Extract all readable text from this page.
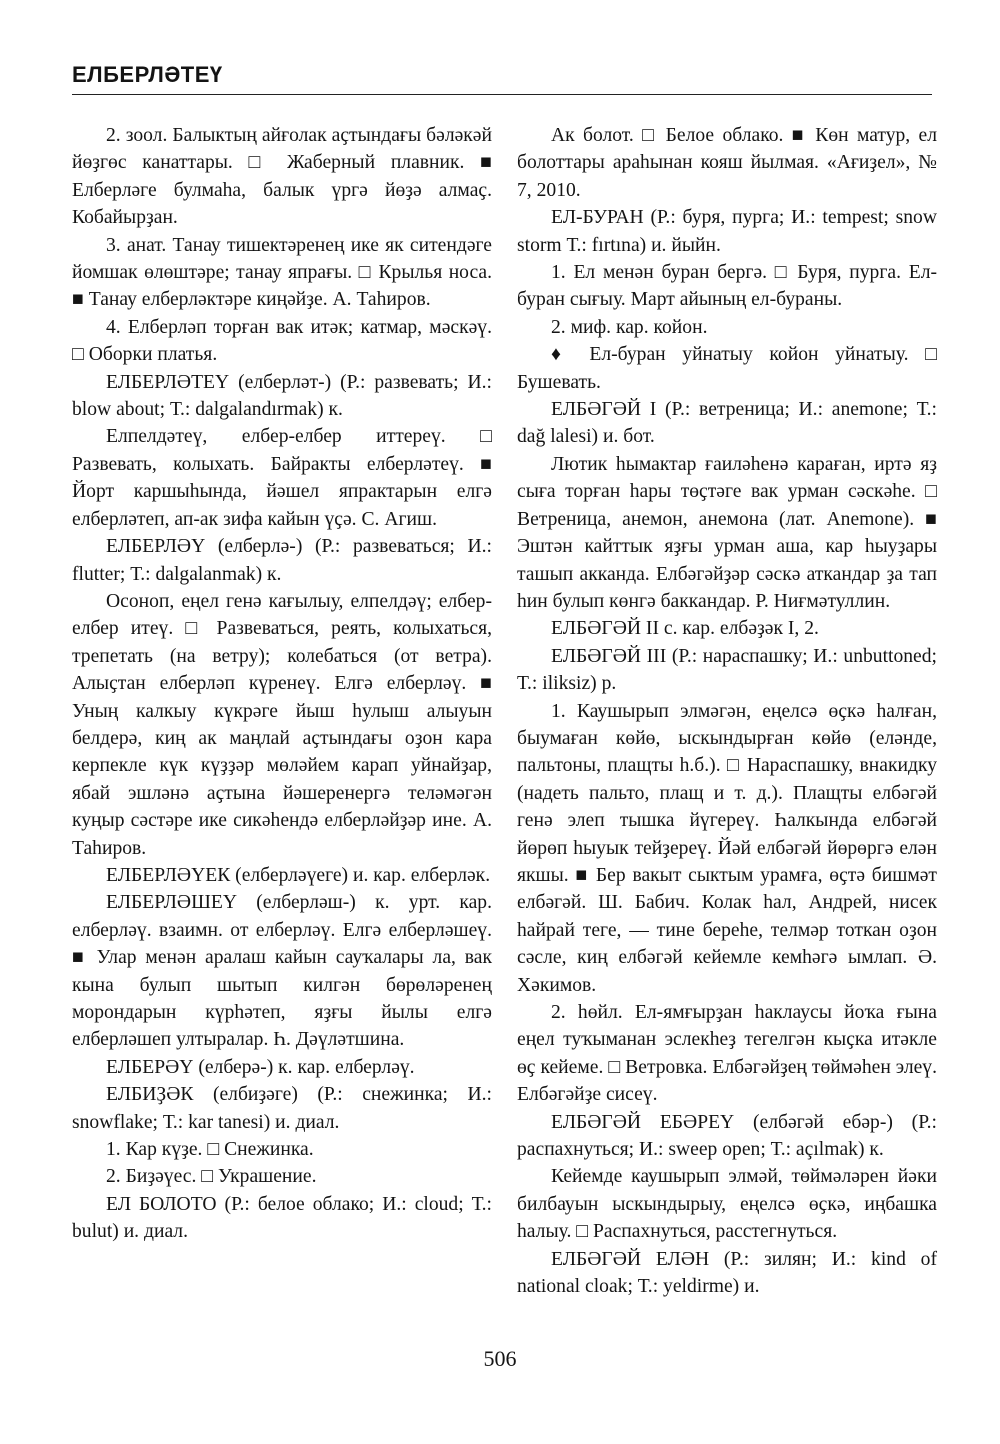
ЕЛБЕРЛƏТЕҮ

2. зоол. Балыктың айғолак аҫтындағы бәләкәй йөҙгөс канаттары. □ Жаберный плавник. ■ Елберләге булмаһа, балык үргә йөҙә алмаҫ. Кобайырҙан.

3. анат. Танау тишектәренең ике як ситендәге йомшак өлөштәре; танау япрағы. □ Крылья носа. ■ Танау елберләктәре киңәйҙе. А. Таһиров.

4. Елберләп торған вак итәк; катмар, мәскәү. □ Оборки платья.

ЕЛБЕРЛƏТЕҮ (елберләт-) (Р.: развевать; И.: blow about; Т.: dalgalandırmak) к.

Елпелдәтеү, елбер-елбер иттереү. □ Развевать, колыхать. Байракты елберләтеү. ■ Йорт каршыһында, йәшел япрактарын елгә елберләтеп, ап-ак зифа кайын үҫә. С. Агиш.

ЕЛБЕРЛƏҮ (елберлә-) (Р.: развеваться; И.: flutter; Т.: dalgalanmak) к.

Осоноп, еңел генә кағылыу, елпелдәү; елбер-елбер итеү. □ Развеваться, реять, колыхаться, трепетать (на ветру); колебаться (от ветра). Алыҫтан елберләп күренеү. Елгә елберләү. ■ Уның калкыу күкрәге йыш һулыш алыуын белдерә, киң ак маңлай аҫтындағы оҙон кара керпекле күк күҙҙәр мөләйем карап уйнайҙар, ябай эшләнә аҫтына йәшеренергә теләмәгән куңыр сәстәре ике сикәһендә елберләйҙәр ине. А. Таһиров.

ЕЛБЕРЛƏҮЕК (елберләүеге) и. кар. елберләк.

ЕЛБЕРЛƏШЕҮ (елберләш-) к. урт. кар. елберләү. взаимн. от елберләү. Елгә елберләшеү. ■ Улар менән аралаш кайын сауҡалары ла, вак кына булып шытып килгән бөрөләренең морондарын күрһәтеп, яҙғы йылы елгә елберләшеп ултыралар. Һ. Дәүләтшина.

ЕЛБЕРƏҮ (елберә-) к. кар. елберләү.

ЕЛБИҘƏК (елбиҙәге) (Р.: снежинка; И.: snowflake; Т.: kar tanesi) и. диал.

1. Кар күҙе. □ Снежинка.

2. Биҙәүес. □ Украшение.

ЕЛ БОЛОТО (Р.: белое облако; И.: cloud; Т.: bulut) и. диал.

Ак болот. □ Белое облако. ■ Көн матур, ел болоттары араһынан кояш йылмая. «Ағиҙел», № 7, 2010.

ЕЛ-БУРАН (Р.: буря, пурга; И.: tempest; snow storm Т.: fırtına) и. йыйн.

1. Ел менән буран бергә. □ Буря, пурга. Ел-буран сығыу. Март айының ел-бураны.

2. миф. кар. койон.

♦ Ел-буран уйнатыу койон уйнатыу. □ Бушевать.

ЕЛБƏГƏЙ I (Р.: ветреница; И.: anemone; Т.: dağ lalesi) и. бот.

Лютик һымактар ғаиләһенә караған, иртә яҙ сыға торған һары төҫтәге вак урман сәскәһе. □ Ветреница, анемон, анемона (лат. Anemone). ■ Эштән кайттык яҙғы урман аша, кар һыуҙары ташып акканда. Елбәгәйҙәр сәскә аткандар ҙа тап һин булып көнгә баккандар. Р. Ниғмәтуллин.

ЕЛБƏГƏЙ II с. кар. елбәҙәк I, 2.

ЕЛБƏГƏЙ III (Р.: нараспашку; И.: unbuttoned; Т.: iliksiz) р.

1. Каушырып элмәгән, еңелсә өҫкә һалған, быумаған көйө, ыскындырған көйө (еләнде, пальтоны, плащты һ.б.). □ Нараспашку, внакидку (надеть пальто, плащ и т. д.). Плащты елбәгәй генә элеп тышка йүгереү. Һалкында елбәгәй йөрөп һыуык тейҙереү. Йәй елбәгәй йөрөргә елән якшы. ■ Бер вакыт сыктым урамға, өҫтә бишмәт елбәгәй. Ш. Бабич. Колак һал, Андрей, нисек һайрай теге, — тине береһе, телмәр тоткан оҙон сәсле, киң елбәгәй кейемле кемһәгә ымлап. Ә. Хәкимов.

2. һөйл. Ел-ямғырҙан һаклаусы йоҡа ғына еңел туҡыманан эслекһеҙ тегелгән кыҫка итәкле өҫ кейеме. □ Ветровка. Елбәгәйҙең төймәһен элеү. Елбәгәйҙе сисеү.

ЕЛБƏГƏЙ ЕБƏРЕҮ (елбәгәй ебәр-) (Р.: распахнуться; И.: sweep open; Т.: açılmak) к.

Кейемде каушырып элмәй, төймәләрен йәки билбауын ыскындырыу, еңелсә өҫкә, иңбашка һалыу. □ Распахнуться, расстегнуться.

ЕЛБƏГƏЙ ЕЛƏН (Р.: зилян; И.: kind of national cloak; Т.: yeldirme) и.

506
